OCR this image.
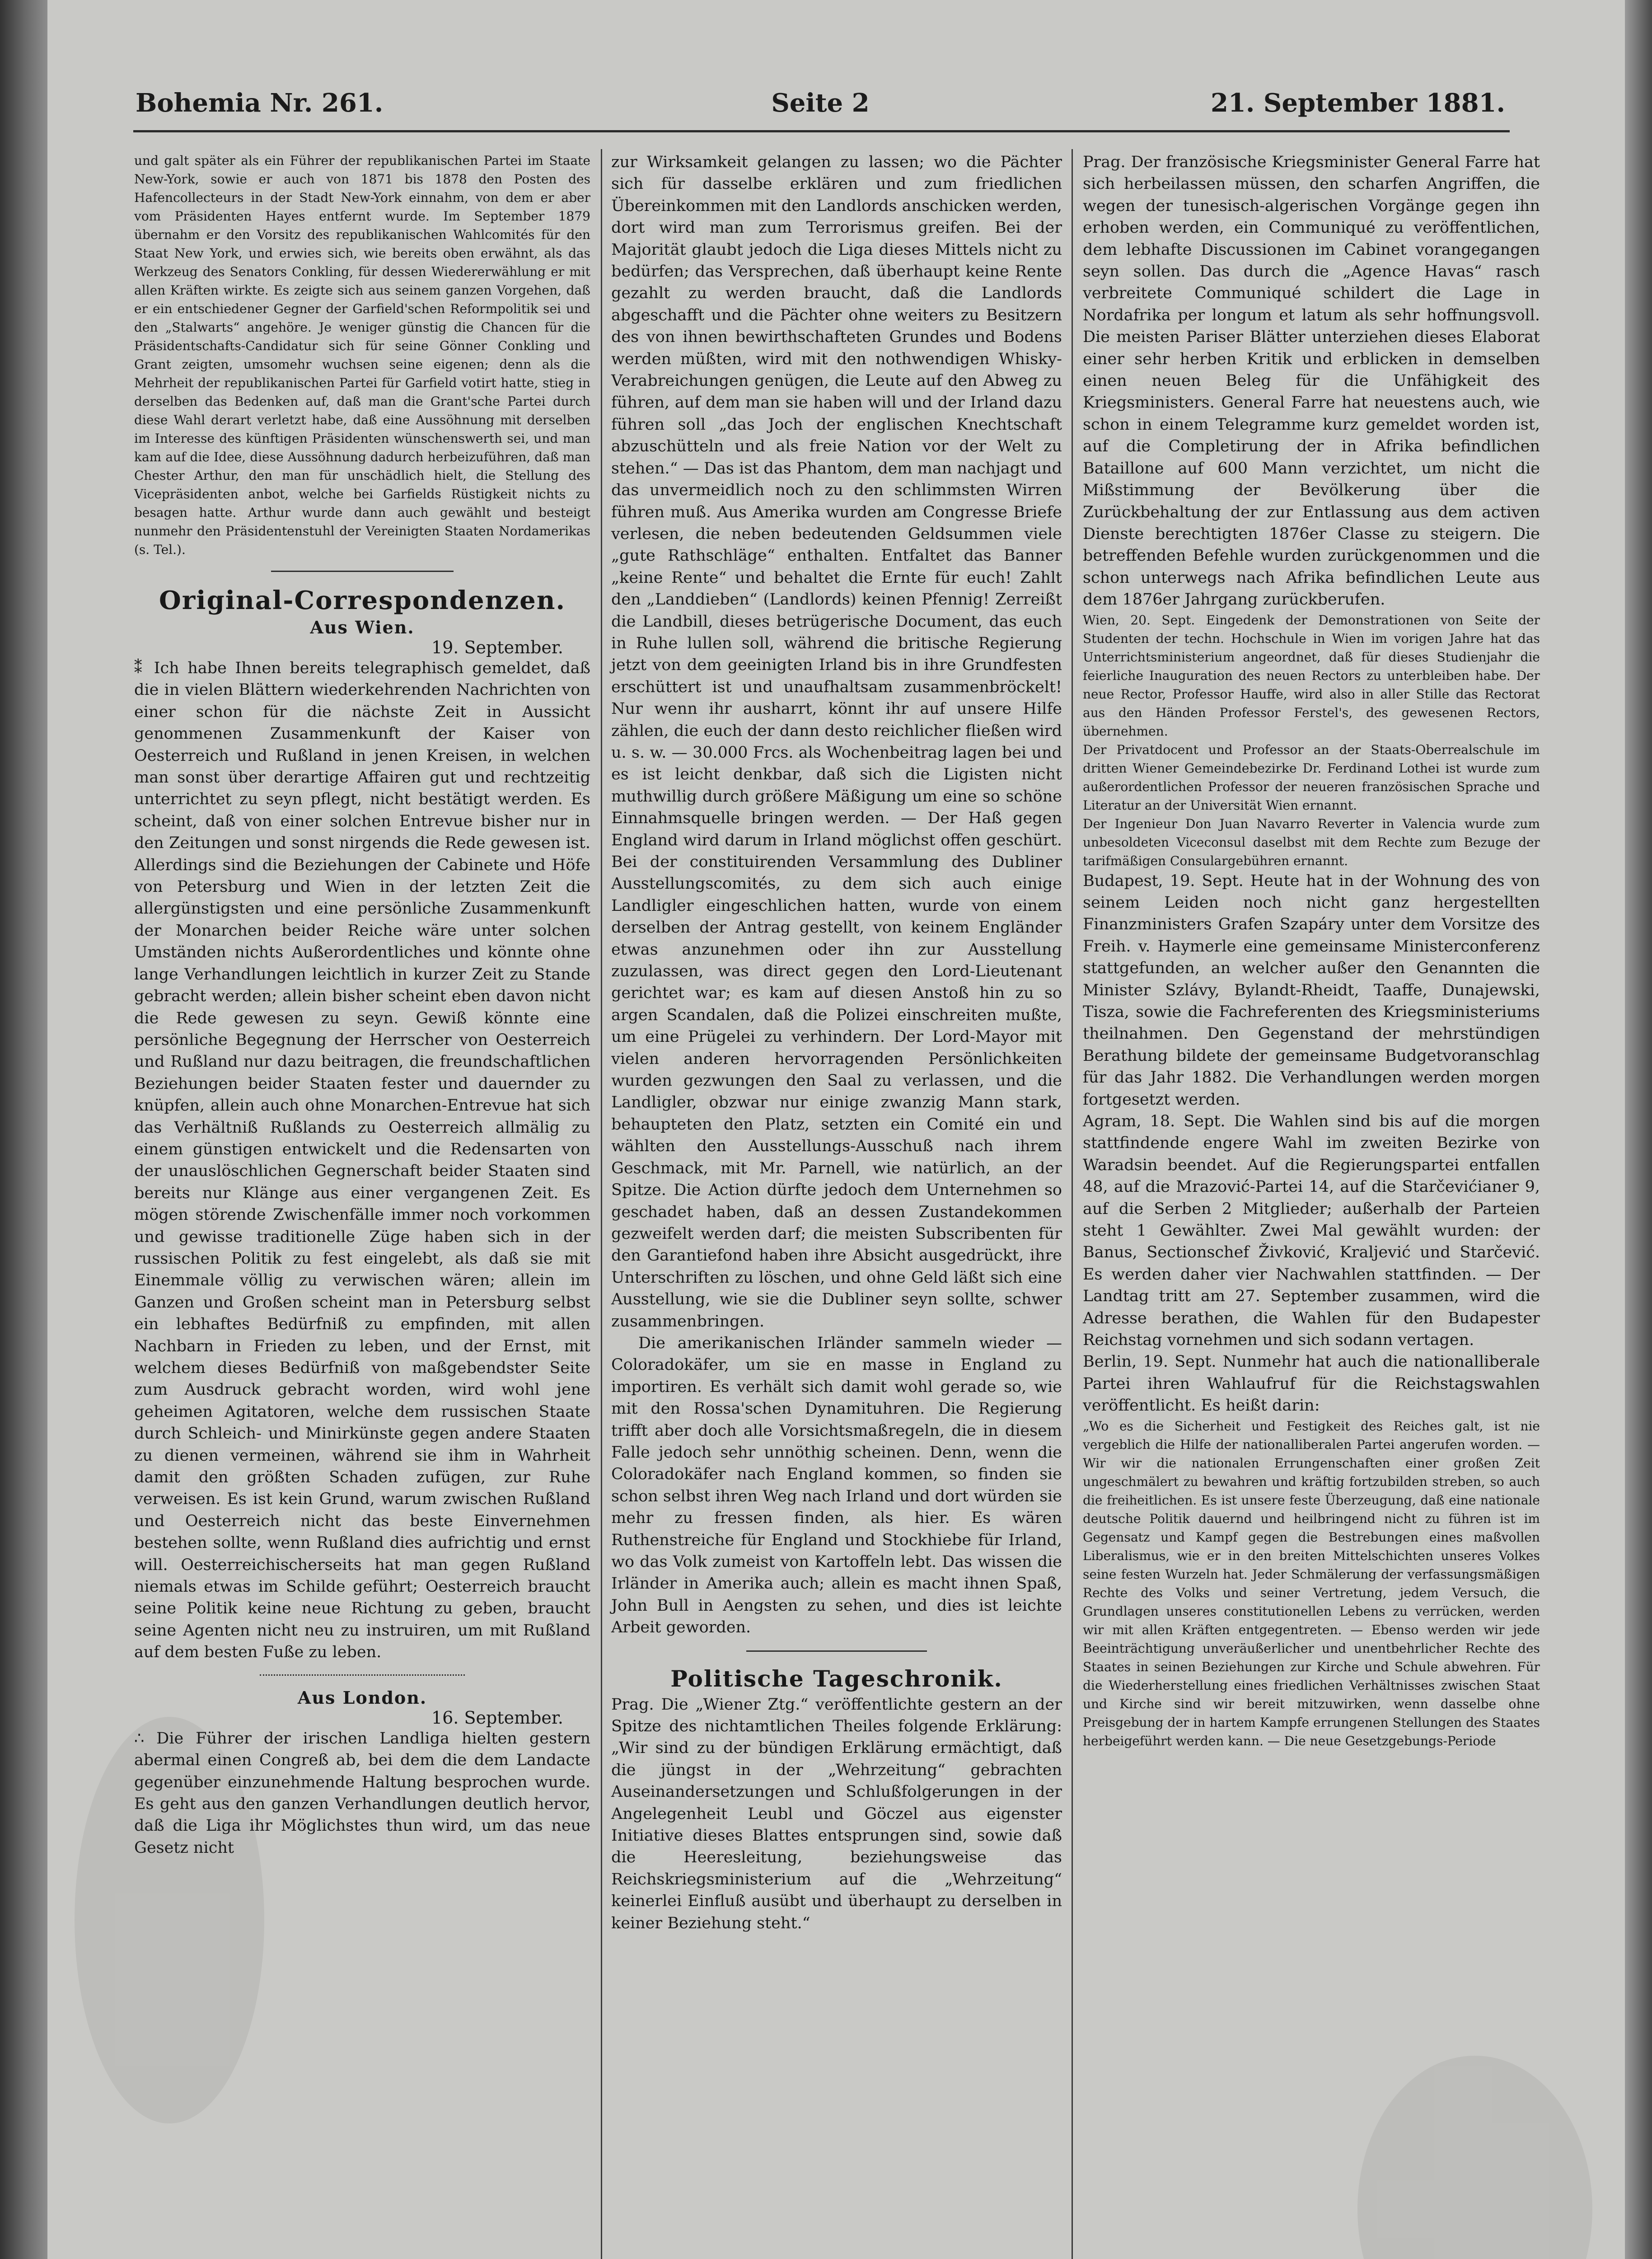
Bohemia Nr. 261.	Seite 2	21. September 1881.

und galt später als ein Führer der republikanischen Partei im Staate New-York, sowie er auch von 1871 bis 1878 den Posten des Hafencollecteurs in der Stadt New-York einnahm, von dem er aber vom Präsidenten Hayes entfernt wurde. Im September 1879 übernahm er den Vorsitz des republikanischen Wahlcomités für den Staat New York, und erwies sich, wie bereits oben erwähnt, als das Werkzeug des Senators Conkling, für dessen Wiedererwählung er mit allen Kräften wirkte. Es zeigte sich aus seinem ganzen Vorgehen, daß er ein entschiedener Gegner der Garfield'schen Reformpolitik sei und den „Stalwarts“ angehöre. Je weniger günstig die Chancen für die Präsidentschafts-Candidatur sich für seine Gönner Conkling und Grant zeigten, umsomehr wuchsen seine eigenen; denn als die Mehrheit der republikanischen Partei für Garfield votirt hatte, stieg in derselben das Bedenken auf, daß man die Grant'sche Partei durch diese Wahl derart verletzt habe, daß eine Aussöhnung mit derselben im Interesse des künftigen Präsidenten wünschenswerth sei, und man kam auf die Idee, diese Aussöhnung dadurch herbeizuführen, daß man Chester Arthur, den man für unschädlich hielt, die Stellung des Vicepräsidenten anbot, welche bei Garfields Rüstigkeit nichts zu besagen hatte. Arthur wurde dann auch gewählt und besteigt nunmehr den Präsidentenstuhl der Vereinigten Staaten Nordamerikas (s. Tel.).

Original-Correspondenzen.
Aus Wien.

19. September.

⁑ Ich habe Ihnen bereits telegraphisch gemeldet, daß die in vielen Blättern wiederkehrenden Nachrichten von einer schon für die nächste Zeit in Aussicht genommenen Zusammenkunft der Kaiser von Oesterreich und Rußland in jenen Kreisen, in welchen man sonst über derartige Affairen gut und rechtzeitig unterrichtet zu seyn pflegt, nicht bestätigt werden. Es scheint, daß von einer solchen Entrevue bisher nur in den Zeitungen und sonst nirgends die Rede gewesen ist. Allerdings sind die Beziehungen der Cabinete und Höfe von Petersburg und Wien in der letzten Zeit die allergünstigsten und eine persönliche Zusammenkunft der Monarchen beider Reiche wäre unter solchen Umständen nichts Außerordentliches und könnte ohne lange Verhandlungen leichtlich in kurzer Zeit zu Stande gebracht werden; allein bisher scheint eben davon nicht die Rede gewesen zu seyn. Gewiß könnte eine persönliche Begegnung der Herrscher von Oesterreich und Rußland nur dazu beitragen, die freundschaftlichen Beziehungen beider Staaten fester und dauernder zu knüpfen, allein auch ohne Monarchen-Entrevue hat sich das Verhältniß Rußlands zu Oesterreich allmälig zu einem günstigen entwickelt und die Redensarten von der unauslöschlichen Gegnerschaft beider Staaten sind bereits nur Klänge aus einer vergangenen Zeit. Es mögen störende Zwischenfälle immer noch vorkommen und gewisse traditionelle Züge haben sich in der russischen Politik zu fest eingelebt, als daß sie mit Einemmale völlig zu verwischen wären; allein im Ganzen und Großen scheint man in Petersburg selbst ein lebhaftes Bedürfniß zu empfinden, mit allen Nachbarn in Frieden zu leben, und der Ernst, mit welchem dieses Bedürfniß von maßgebendster Seite zum Ausdruck gebracht worden, wird wohl jene geheimen Agitatoren, welche dem russischen Staate durch Schleich- und Minirkünste gegen andere Staaten zu dienen vermeinen, während sie ihm in Wahrheit damit den größten Schaden zufügen, zur Ruhe verweisen. Es ist kein Grund, warum zwischen Rußland und Oesterreich nicht das beste Einvernehmen bestehen sollte, wenn Rußland dies aufrichtig und ernst will. Oesterreichischerseits hat man gegen Rußland niemals etwas im Schilde geführt; Oesterreich braucht seine Politik keine neue Richtung zu geben, braucht seine Agenten nicht neu zu instruiren, um mit Rußland auf dem besten Fuße zu leben.

Aus London.

16. September.

∴ Die Führer der irischen Landliga hielten gestern abermal einen Congreß ab, bei dem die dem Landacte gegenüber einzunehmende Haltung besprochen wurde. Es geht aus den ganzen Verhandlungen deutlich hervor, daß die Liga ihr Möglichstes thun wird, um das neue Gesetz nicht

zur Wirksamkeit gelangen zu lassen; wo die Pächter sich für dasselbe erklären und zum friedlichen Übereinkommen mit den Landlords anschicken werden, dort wird man zum Terrorismus greifen. Bei der Majorität glaubt jedoch die Liga dieses Mittels nicht zu bedürfen; das Versprechen, daß überhaupt keine Rente gezahlt zu werden braucht, daß die Landlords abgeschafft und die Pächter ohne weiters zu Besitzern des von ihnen bewirthschafteten Grundes und Bodens werden müßten, wird mit den nothwendigen Whisky-Verabreichungen genügen, die Leute auf den Abweg zu führen, auf dem man sie haben will und der Irland dazu führen soll „das Joch der englischen Knechtschaft abzuschütteln und als freie Nation vor der Welt zu stehen.“ — Das ist das Phantom, dem man nachjagt und das unvermeidlich noch zu den schlimmsten Wirren führen muß. Aus Amerika wurden am Congresse Briefe verlesen, die neben bedeutenden Geldsummen viele „gute Rathschläge“ enthalten. Entfaltet das Banner „keine Rente“ und behaltet die Ernte für euch! Zahlt den „Landdieben“ (Landlords) keinen Pfennig! Zerreißt die Landbill, dieses betrügerische Document, das euch in Ruhe lullen soll, während die britische Regierung jetzt von dem geeinigten Irland bis in ihre Grundfesten erschüttert ist und unaufhaltsam zusammenbröckelt! Nur wenn ihr ausharrt, könnt ihr auf unsere Hilfe zählen, die euch der dann desto reichlicher fließen wird u. s. w. — 30.000 Frcs. als Wochenbeitrag lagen bei und es ist leicht denkbar, daß sich die Ligisten nicht muthwillig durch größere Mäßigung um eine so schöne Einnahmsquelle bringen werden. — Der Haß gegen England wird darum in Irland möglichst offen geschürt. Bei der constituirenden Versammlung des Dubliner Ausstellungscomités, zu dem sich auch einige Landligler eingeschlichen hatten, wurde von einem derselben der Antrag gestellt, von keinem Engländer etwas anzunehmen oder ihn zur Ausstellung zuzulassen, was direct gegen den Lord-Lieutenant gerichtet war; es kam auf diesen Anstoß hin zu so argen Scandalen, daß die Polizei einschreiten mußte, um eine Prügelei zu verhindern. Der Lord-Mayor mit vielen anderen hervorragenden Persönlichkeiten wurden gezwungen den Saal zu verlassen, und die Landligler, obzwar nur einige zwanzig Mann stark, behaupteten den Platz, setzten ein Comité ein und wählten den Ausstellungs-Ausschuß nach ihrem Geschmack, mit Mr. Parnell, wie natürlich, an der Spitze. Die Action dürfte jedoch dem Unternehmen so geschadet haben, daß an dessen Zustandekommen gezweifelt werden darf; die meisten Subscribenten für den Garantiefond haben ihre Absicht ausgedrückt, ihre Unterschriften zu löschen, und ohne Geld läßt sich eine Ausstellung, wie sie die Dubliner seyn sollte, schwer zusammenbringen.

Die amerikanischen Irländer sammeln wieder — Coloradokäfer, um sie en masse in England zu importiren. Es verhält sich damit wohl gerade so, wie mit den Rossa'schen Dynamituhren. Die Regierung trifft aber doch alle Vorsichtsmaßregeln, die in diesem Falle jedoch sehr unnöthig scheinen. Denn, wenn die Coloradokäfer nach England kommen, so finden sie schon selbst ihren Weg nach Irland und dort würden sie mehr zu fressen finden, als hier. Es wären Ruthenstreiche für England und Stockhiebe für Irland, wo das Volk zumeist von Kartoffeln lebt. Das wissen die Irländer in Amerika auch; allein es macht ihnen Spaß, John Bull in Aengsten zu sehen, und dies ist leichte Arbeit geworden.

Politische Tageschronik.

Prag. Die „Wiener Ztg.“ veröffentlichte gestern an der Spitze des nichtamtlichen Theiles folgende Erklärung: „Wir sind zu der bündigen Erklärung ermächtigt, daß die jüngst in der „Wehrzeitung“ gebrachten Auseinandersetzungen und Schlußfolgerungen in der Angelegenheit Leubl und Göczel aus eigenster Initiative dieses Blattes entsprungen sind, sowie daß die Heeresleitung, beziehungsweise das Reichskriegsministerium auf die „Wehrzeitung“ keinerlei Einfluß ausübt und überhaupt zu derselben in keiner Beziehung steht.“

Prag. Der französische Kriegsminister General Farre hat sich herbeilassen müssen, den scharfen Angriffen, die wegen der tunesisch-algerischen Vorgänge gegen ihn erhoben werden, ein Communiqué zu veröffentlichen, dem lebhafte Discussionen im Cabinet vorangegangen seyn sollen. Das durch die „Agence Havas“ rasch verbreitete Communiqué schildert die Lage in Nordafrika per longum et latum als sehr hoffnungsvoll. Die meisten Pariser Blätter unterziehen dieses Elaborat einer sehr herben Kritik und erblicken in demselben einen neuen Beleg für die Unfähigkeit des Kriegsministers. General Farre hat neuestens auch, wie schon in einem Telegramme kurz gemeldet worden ist, auf die Completirung der in Afrika befindlichen Bataillone auf 600 Mann verzichtet, um nicht die Mißstimmung der Bevölkerung über die Zurückbehaltung der zur Entlassung aus dem activen Dienste berechtigten 1876er Classe zu steigern. Die betreffenden Befehle wurden zurückgenommen und die schon unterwegs nach Afrika befindlichen Leute aus dem 1876er Jahrgang zurückberufen.

Wien, 20. Sept. Eingedenk der Demonstrationen von Seite der Studenten der techn. Hochschule in Wien im vorigen Jahre hat das Unterrichtsministerium angeordnet, daß für dieses Studienjahr die feierliche Inauguration des neuen Rectors zu unterbleiben habe. Der neue Rector, Professor Hauffe, wird also in aller Stille das Rectorat aus den Händen Professor Ferstel's, des gewesenen Rectors, übernehmen.

Der Privatdocent und Professor an der Staats-Oberrealschule im dritten Wiener Gemeindebezirke Dr. Ferdinand Lothei ist wurde zum außerordentlichen Professor der neueren französischen Sprache und Literatur an der Universität Wien ernannt.

Der Ingenieur Don Juan Navarro Reverter in Valencia wurde zum unbesoldeten Viceconsul daselbst mit dem Rechte zum Bezuge der tarifmäßigen Consulargebühren ernannt.

Budapest, 19. Sept. Heute hat in der Wohnung des von seinem Leiden noch nicht ganz hergestellten Finanzministers Grafen Szapáry unter dem Vorsitze des Freih. v. Haymerle eine gemeinsame Ministerconferenz stattgefunden, an welcher außer den Genannten die Minister Szlávy, Bylandt-Rheidt, Taaffe, Dunajewski, Tisza, sowie die Fachreferenten des Kriegsministeriums theilnahmen. Den Gegenstand der mehrstündigen Berathung bildete der gemeinsame Budgetvoranschlag für das Jahr 1882. Die Verhandlungen werden morgen fortgesetzt werden.

Agram, 18. Sept. Die Wahlen sind bis auf die morgen stattfindende engere Wahl im zweiten Bezirke von Waradsin beendet. Auf die Regierungspartei entfallen 48, auf die Mrazović-Partei 14, auf die Starčevićianer 9, auf die Serben 2 Mitglieder; außerhalb der Parteien steht 1 Gewählter. Zwei Mal gewählt wurden: der Banus, Sectionschef Živković, Kraljević und Starčević. Es werden daher vier Nachwahlen stattfinden. — Der Landtag tritt am 27. September zusammen, wird die Adresse berathen, die Wahlen für den Budapester Reichstag vornehmen und sich sodann vertagen.

Berlin, 19. Sept. Nunmehr hat auch die nationalliberale Partei ihren Wahlaufruf für die Reichstagswahlen veröffentlicht. Es heißt darin:

„Wo es die Sicherheit und Festigkeit des Reiches galt, ist nie vergeblich die Hilfe der nationalliberalen Partei angerufen worden. — Wir wir die nationalen Errungenschaften einer großen Zeit ungeschmälert zu bewahren und kräftig fortzubilden streben, so auch die freiheitlichen. Es ist unsere feste Überzeugung, daß eine nationale deutsche Politik dauernd und heilbringend nicht zu führen ist im Gegensatz und Kampf gegen die Bestrebungen eines maßvollen Liberalismus, wie er in den breiten Mittelschichten unseres Volkes seine festen Wurzeln hat. Jeder Schmälerung der verfassungsmäßigen Rechte des Volks und seiner Vertretung, jedem Versuch, die Grundlagen unseres constitutionellen Lebens zu verrücken, werden wir mit allen Kräften entgegentreten. — Ebenso werden wir jede Beeinträchtigung unveräußerlicher und unentbehrlicher Rechte des Staates in seinen Beziehungen zur Kirche und Schule abwehren. Für die Wiederherstellung eines friedlichen Verhältnisses zwischen Staat und Kirche sind wir bereit mitzuwirken, wenn dasselbe ohne Preisgebung der in hartem Kampfe errungenen Stellungen des Staates herbeigeführt werden kann. — Die neue Gesetzgebungs-Periode
